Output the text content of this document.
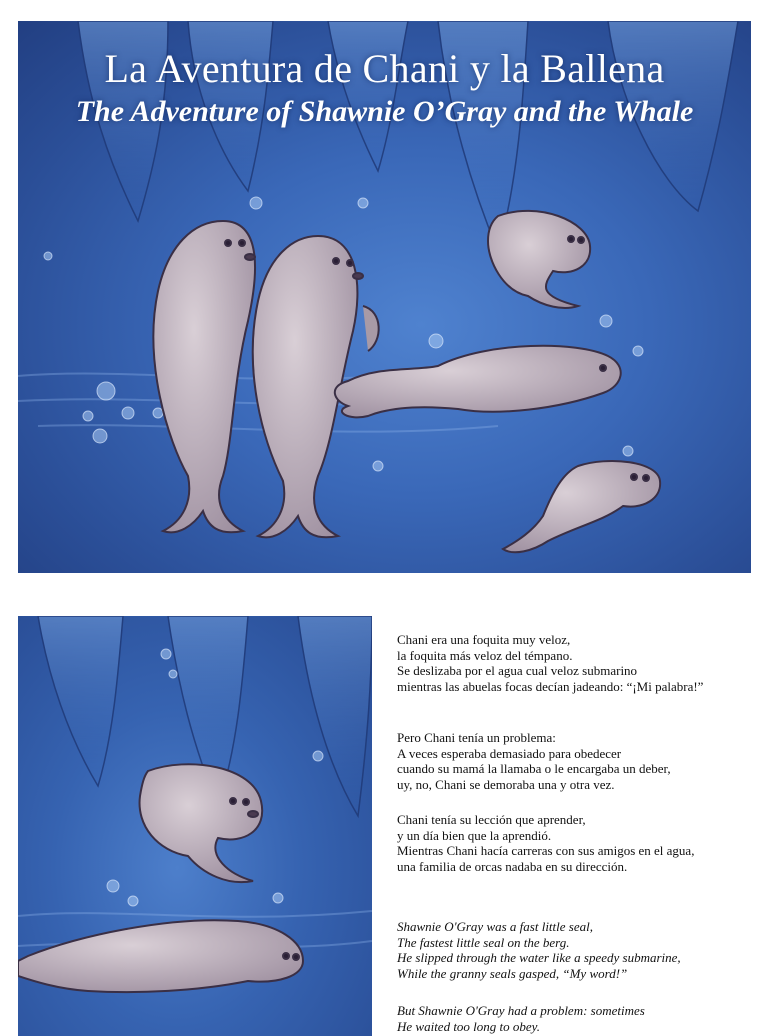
La Aventura de Chani y la Ballena
The Adventure of Shawnie O’Gray and the Whale

Chani era una foquita muy veloz,

la foquita más veloz del témpano.

Se deslizaba por el agua cual veloz submarino

mientras las abuelas focas decían jadeando: “¡Mi palabra!”

Pero Chani tenía un problema:

A veces esperaba demasiado para obedecer

cuando su mamá la llamaba o le encargaba un deber,

uy, no, Chani se demoraba una y otra vez.

Chani tenía su lección que aprender,

y un día bien que la aprendió.

Mientras Chani hacía carreras con sus amigos en el agua,

una familia de orcas nadaba en su dirección.

Shawnie O'Gray was a fast little seal,

The fastest little seal on the berg.

He slipped through the water like a speedy submarine,

While the granny seals gasped, “My word!”

But Shawnie O'Gray had a problem: sometimes

He waited too long to obey.
